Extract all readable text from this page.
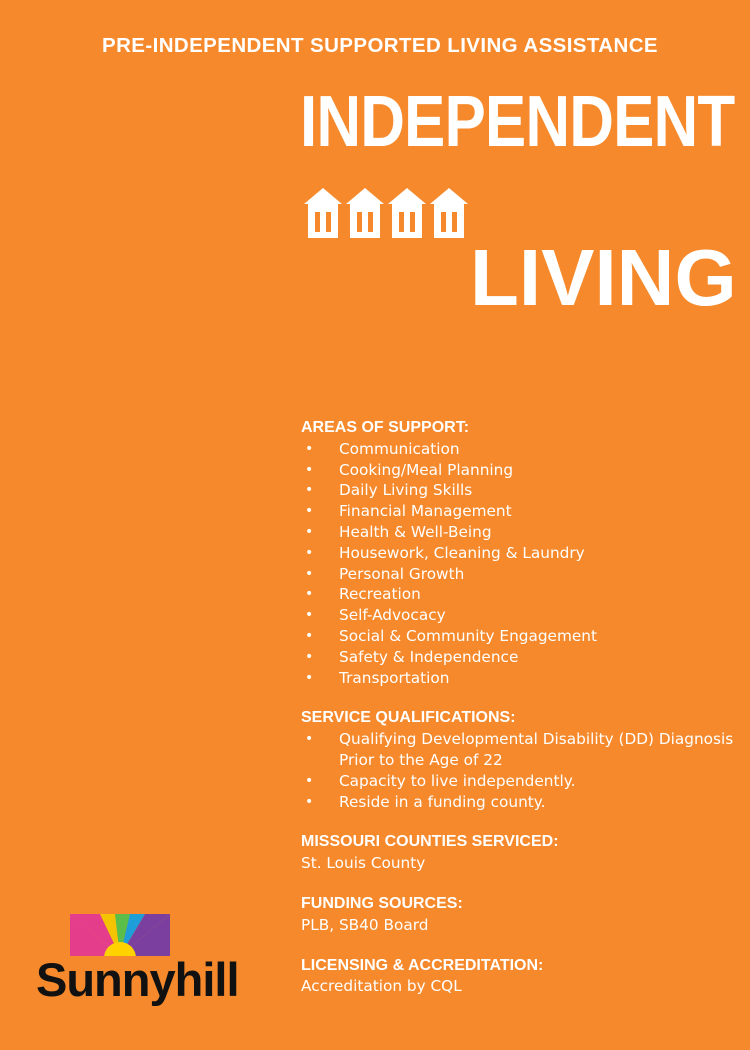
PRE-INDEPENDENT SUPPORTED LIVING ASSISTANCE
INDEPENDENT
LIVING

AREAS OF SUPPORT:

• Communication
• Cooking/Meal Planning
• Daily Living Skills
• Financial Management
• Health & Well-Being
• Housework, Cleaning & Laundry
• Personal Growth
• Recreation
• Self-Advocacy
• Social & Community Engagement
• Safety & Independence
• Transportation

SERVICE QUALIFICATIONS:

• Qualifying Developmental Disability (DD) Diagnosis Prior to the Age of 22
• Capacity to live independently.
• Reside in a funding county.

MISSOURI COUNTIES SERVICED:

St. Louis County

FUNDING SOURCES:

PLB, SB40 Board

LICENSING & ACCREDITATION:

Accreditation by CQL

Sunnyhill
